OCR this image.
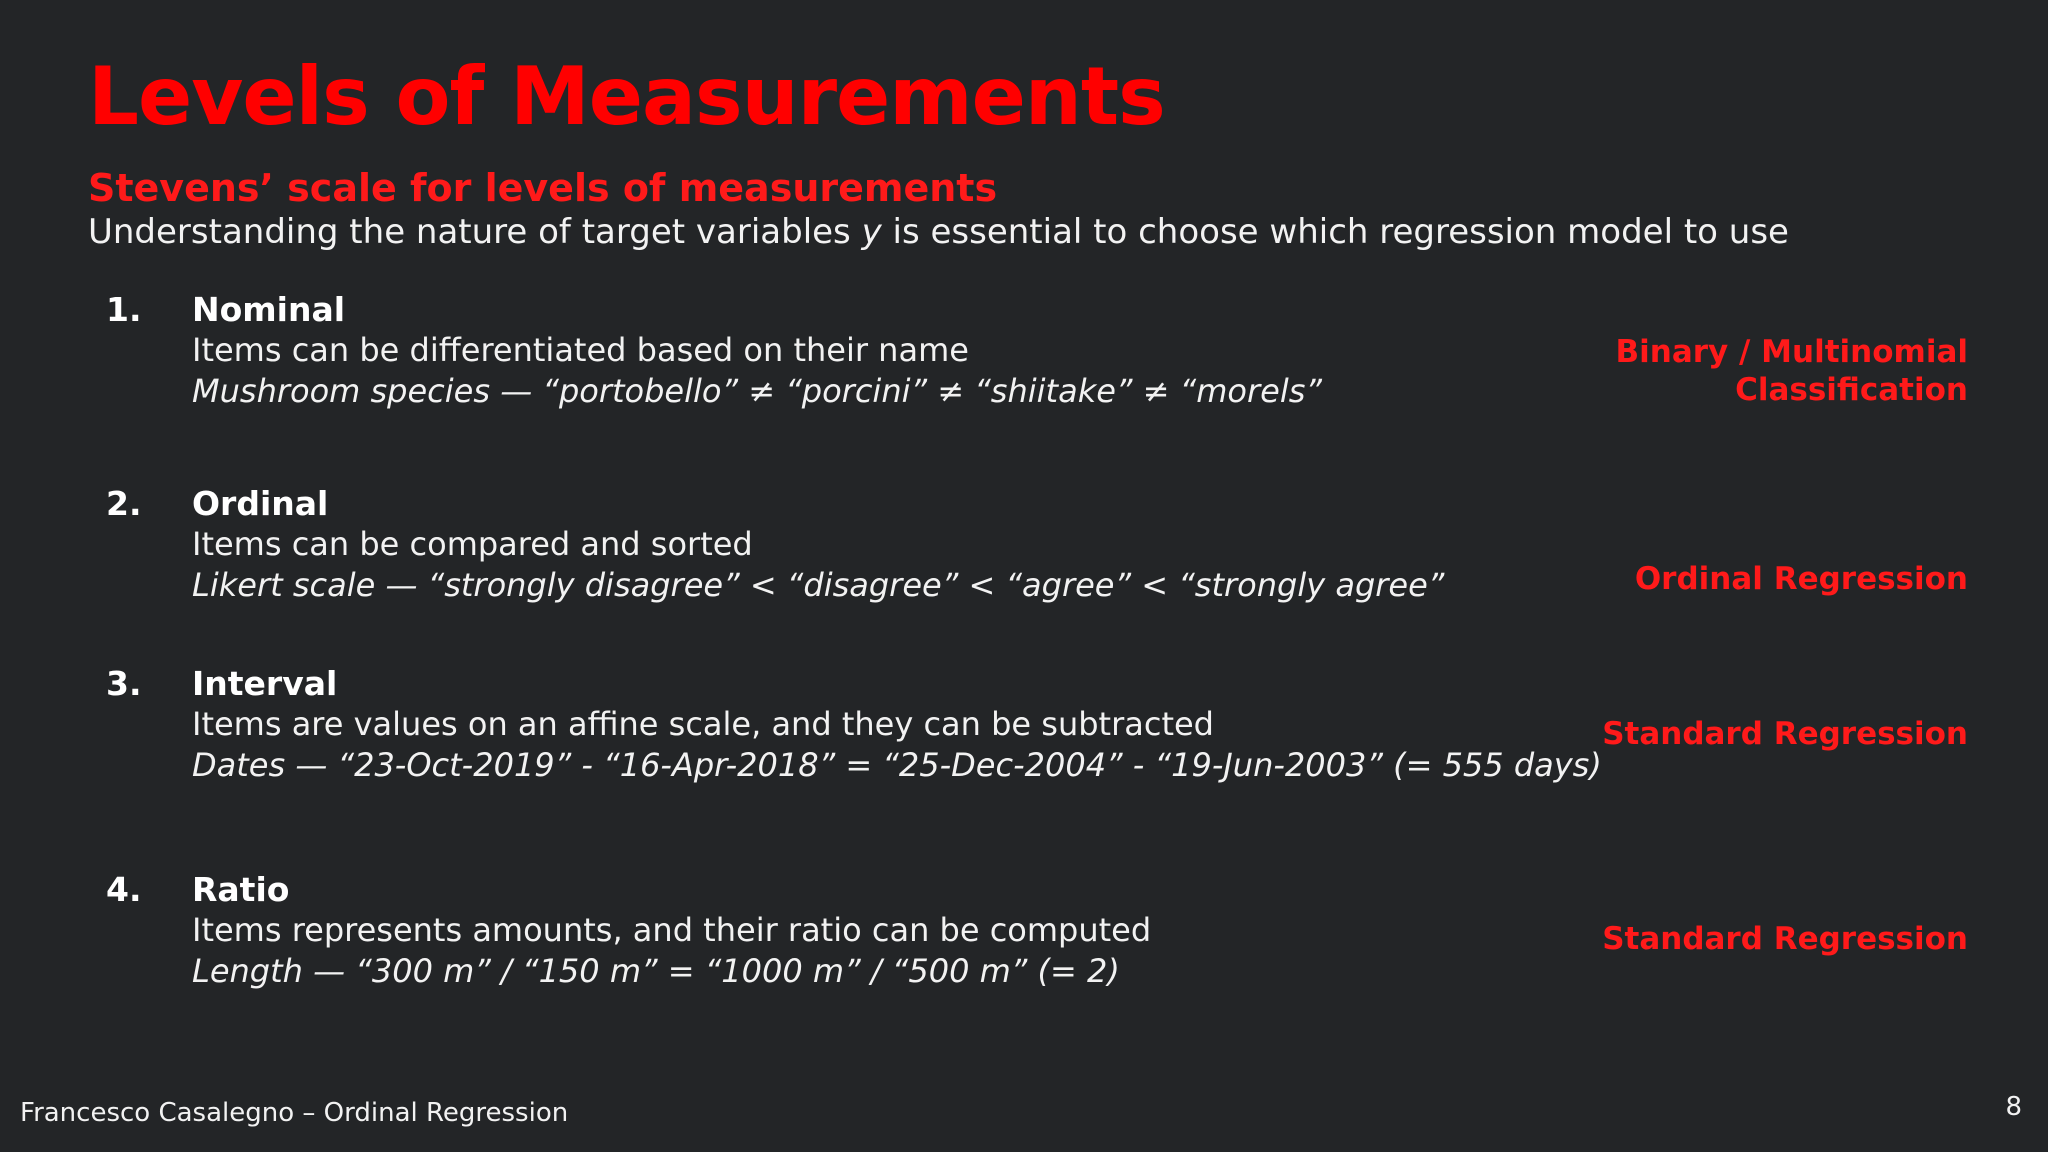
Levels of Measurements
Stevens’ scale for levels of measurements

Understanding the nature of target variables y is essential to choose which regression model to use

1. Nominal
Items can be differentiated based on their name
Mushroom species — “portobello” ≠ “porcini” ≠ “shiitake” ≠ “morels”
Binary / Multinomial
Classification
2. Ordinal
Items can be compared and sorted
Likert scale — “strongly disagree” < “disagree” < “agree” < “strongly agree”	Ordinal Regression
3. Interval
Items are values on an affine scale, and they can be subtracted
Dates — “23-Oct-2019” - “16-Apr-2018” = “25-Dec-2004” - “19-Jun-2003” (= 555 days)
Standard Regression
4. Ratio
Items represents amounts, and their ratio can be computed
Length — “300 m” / “150 m” = “1000 m” / “500 m” (= 2)
Standard Regression
Francesco Casalegno – Ordinal Regression	8
